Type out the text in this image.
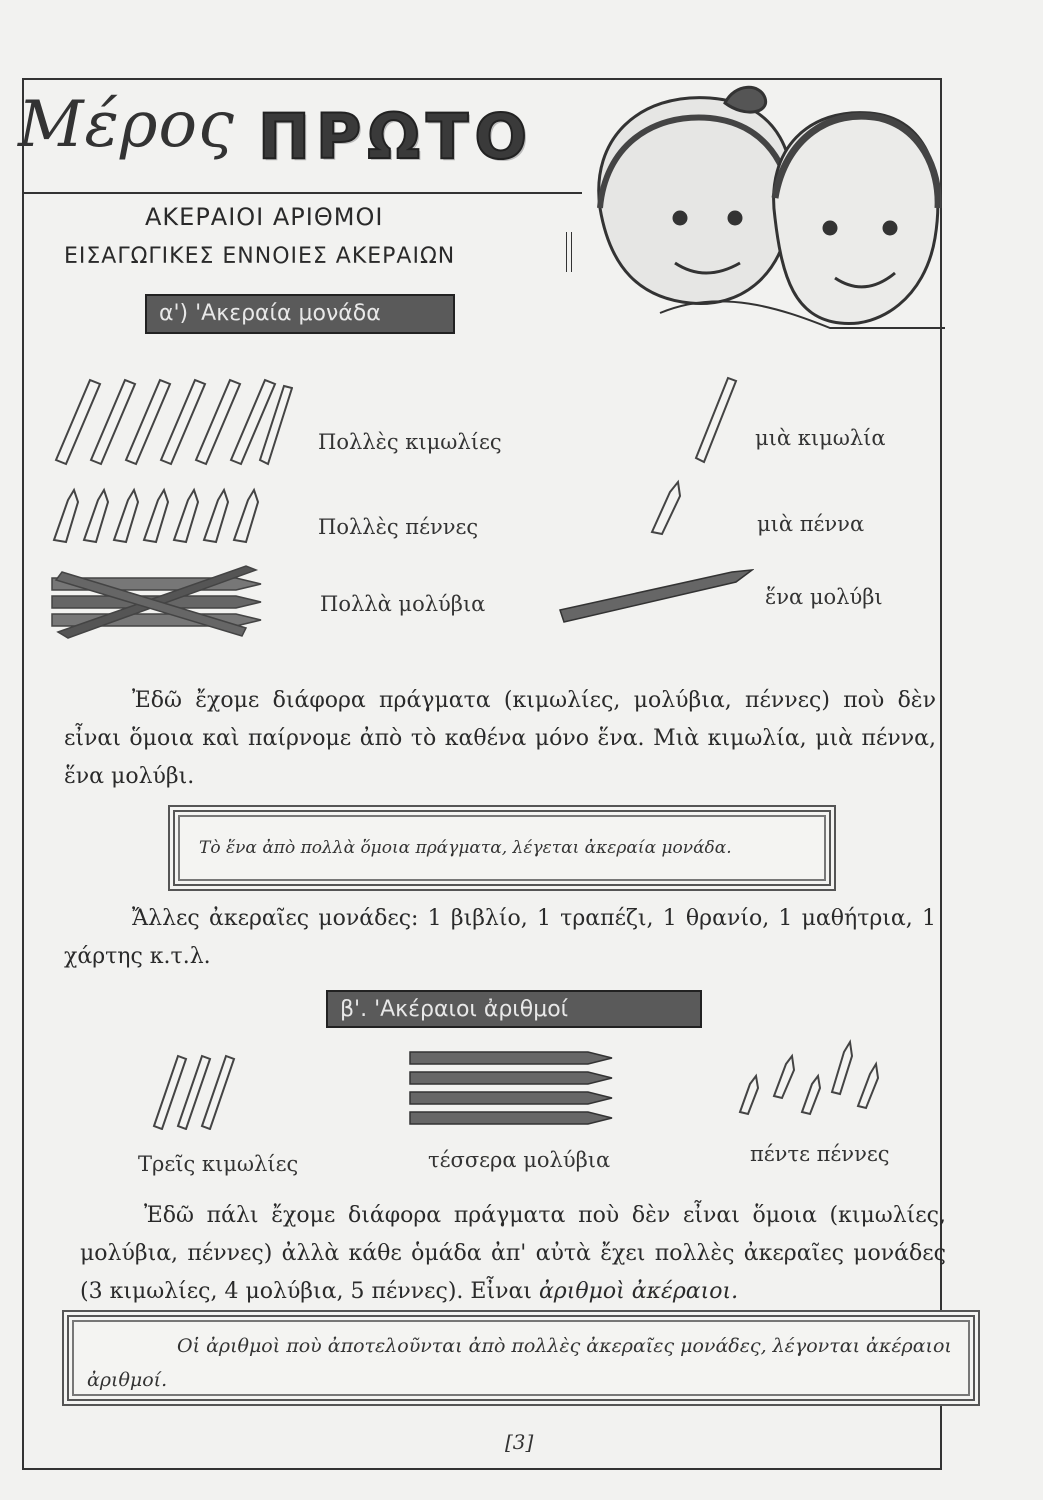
Μέρος ΠΡΩΤΟ
ΑΚΕΡΑΙΟΙ ΑΡΙΘΜΟΙ
ΕΙΣΑΓΩΓΙΚΕΣ ΕΝΝΟΙΕΣ ΑΚΕΡΑΙΩΝ
α') 'Ακεραία μονάδα
Πολλὲς κιμωλίες	μιὰ κιμωλία
Πολλὲς πέννες	μιὰ πέννα
Πολλὰ μολύβια	ἕνα μολύβι
Ἐδῶ ἔχομε διάφορα πράγματα (κιμωλίες, μολύβια, πέννες) ποὺ δὲν εἶναι ὅμοια καὶ παίρνομε ἀπὸ τὸ καθένα μόνο ἕνα. Μιὰ κιμωλία, μιὰ πέννα, ἕνα μολύβι.
Τὸ ἕνα ἀπὸ πολλὰ ὅμοια πράγματα, λέγεται ἀκεραία μονάδα.
Ἄλλες ἀκεραῖες μονάδες: 1 βιβλίο, 1 τραπέζι, 1 θρανίο, 1 μαθήτρια, 1 χάρτης κ.τ.λ.
β'. 'Ακέραιοι ἀριθμοί
Τρεῖς κιμωλίες	τέσσερα μολύβια	πέντε πέννες
Ἐδῶ πάλι ἔχομε διάφορα πράγματα ποὺ δὲν εἶναι ὅμοια (κιμωλίες, μολύβια, πέννες) ἀλλὰ κάθε ὁμάδα ἀπ' αὐτὰ ἔχει πολλὲς ἀκεραῖες μονάδες (3 κιμωλίες, 4 μολύβια, 5 πέννες). Εἶναι ἀριθμοὶ ἀκέραιοι.
Οἱ ἀριθμοὶ ποὺ ἀποτελοῦνται ἀπὸ πολλὲς ἀκεραῖες μονάδες, λέγονται ἀκέραιοι ἀριθμοί.
[3]
